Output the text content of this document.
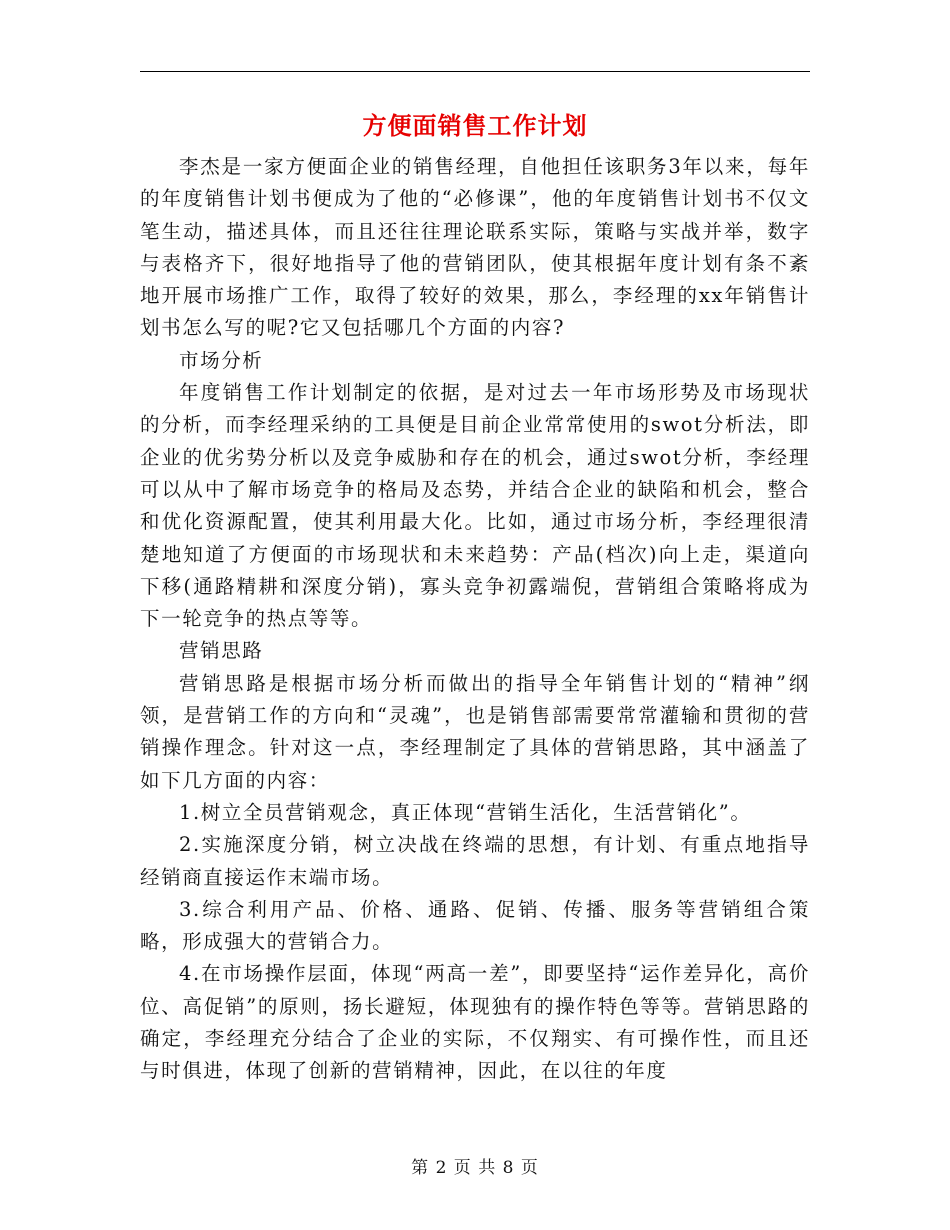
方便面销售工作计划

李杰是一家方便面企业的销售经理，自他担任该职务3年以来，每年的年度销售计划书便成为了他的“必修课”，他的年度销售计划书不仅文笔生动，描述具体，而且还往往理论联系实际，策略与实战并举，数字与表格齐下，很好地指导了他的营销团队，使其根据年度计划有条不紊地开展市场推广工作，取得了较好的效果，那么，李经理的xx年销售计划书怎么写的呢?它又包括哪几个方面的内容?

市场分析

年度销售工作计划制定的依据，是对过去一年市场形势及市场现状的分析，而李经理采纳的工具便是目前企业常常使用的swot分析法，即企业的优劣势分析以及竞争威胁和存在的机会，通过swot分析，李经理可以从中了解市场竞争的格局及态势，并结合企业的缺陷和机会，整合和优化资源配置，使其利用最大化。比如，通过市场分析，李经理很清楚地知道了方便面的市场现状和未来趋势：产品(档次)向上走，渠道向下移(通路精耕和深度分销)，寡头竞争初露端倪，营销组合策略将成为下一轮竞争的热点等等。

营销思路

营销思路是根据市场分析而做出的指导全年销售计划的“精神”纲领，是营销工作的方向和“灵魂”，也是销售部需要常常灌输和贯彻的营销操作理念。针对这一点，李经理制定了具体的营销思路，其中涵盖了如下几方面的内容：

1.树立全员营销观念，真正体现“营销生活化，生活营销化”。

2.实施深度分销，树立决战在终端的思想，有计划、有重点地指导经销商直接运作末端市场。

3.综合利用产品、价格、通路、促销、传播、服务等营销组合策略，形成强大的营销合力。

4.在市场操作层面，体现“两高一差”，即要坚持“运作差异化，高价位、高促销”的原则，扬长避短，体现独有的操作特色等等。营销思路的确定，李经理充分结合了企业的实际，不仅翔实、有可操作性，而且还与时俱进，体现了创新的营销精神，因此，在以往的年度

第 2 页 共 8 页
